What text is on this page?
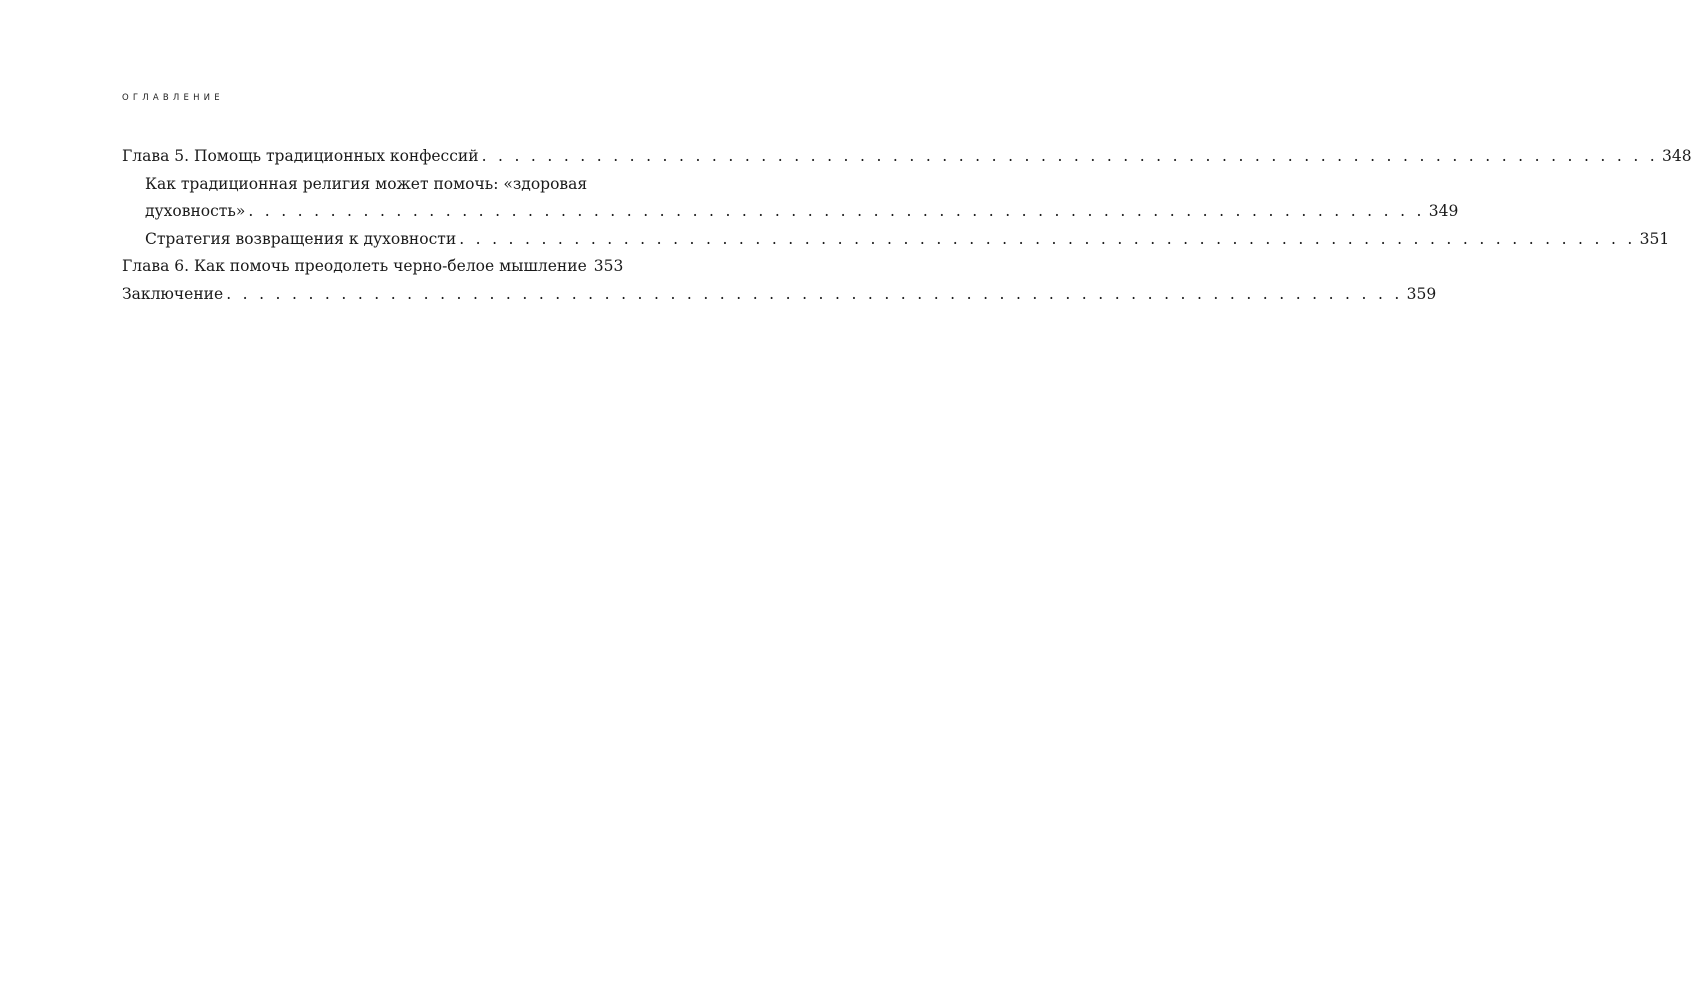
ОГЛАВЛЕНИЕ
Глава 5. Помощь традиционных конфессий . . . . . . . . . . . . . . . . . . . . . . . . . . . . . . . . . . . . . . . . . . . . . . . . . . . . . . . . . . . . . . . . . . . . . . . . 348
Как традиционная религия может помочь: «здоровая
духовность» . . . . . . . . . . . . . . . . . . . . . . . . . . . . . . . . . . . . . . . . . . . . . . . . . . . . . . . . . . . . . . . . . . . . . . . . 349
Стратегия возвращения к духовности . . . . . . . . . . . . . . . . . . . . . . . . . . . . . . . . . . . . . . . . . . . . . . . . . . . . . . . . . . . . . . . . . . . . . . . . 351
Глава 6. Как помочь преодолеть черно-белое мышление 353
Заключение . . . . . . . . . . . . . . . . . . . . . . . . . . . . . . . . . . . . . . . . . . . . . . . . . . . . . . . . . . . . . . . . . . . . . . . . 359
